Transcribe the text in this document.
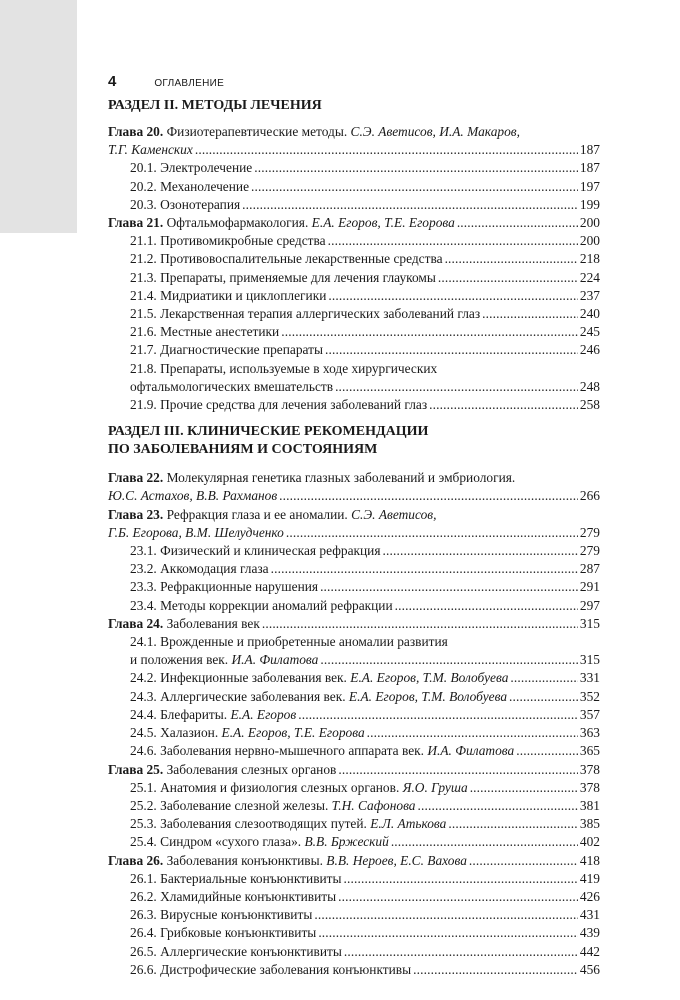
4	ОГЛАВЛЕНИЕ
РАЗДЕЛ II. МЕТОДЫ ЛЕЧЕНИЯ
Глава 20. Физиотерапевтические методы. С.Э. Аветисов, И.А. Макаров,
Т.Г. Каменских . . .	187
20.1. Электролечение . . .	187
20.2. Механолечение . . .	197
20.3. Озонотерапия . . .	199
Глава 21. Офтальмофармакология. Е.А. Егоров, Т.Е. Егорова . . .	200
21.1. Противомикробные средства . . .	200
21.2. Противовоспалительные лекарственные средства . . .	218
21.3. Препараты, применяемые для лечения глаукомы . . .	224
21.4. Мидриатики и циклоплегики . . .	237
21.5. Лекарственная терапия аллергических заболеваний глаз . . .	240
21.6. Местные анестетики . . .	245
21.7. Диагностические препараты . . .	246
21.8. Препараты, используемые в ходе хирургических
офтальмологических вмешательств . . .	248
21.9. Прочие средства для лечения заболеваний глаз . . .	258
РАЗДЕЛ III. КЛИНИЧЕСКИЕ РЕКОМЕНДАЦИИ
ПО ЗАБОЛЕВАНИЯМ И СОСТОЯНИЯМ
Глава 22. Молекулярная генетика глазных заболеваний и эмбриология.
Ю.С. Астахов, В.В. Рахманов . . .	266
Глава 23. Рефракция глаза и ее аномалии. С.Э. Аветисов,
Г.Б. Егорова, В.М. Шелудченко . . .	279
23.1. Физический и клиническая рефракция . . .	279
23.2. Аккомодация глаза . . .	287
23.3. Рефракционные нарушения . . .	291
23.4. Методы коррекции аномалий рефракции . . .	297
Глава 24. Заболевания век . . .	315
24.1. Врожденные и приобретенные аномалии развития
и положения век. И.А. Филатова . . .	315
24.2. Инфекционные заболевания век. Е.А. Егоров, Т.М. Волобуева . . .	331
24.3. Аллергические заболевания век. Е.А. Егоров, Т.М. Волобуева . . .	352
24.4. Блефариты. Е.А. Егоров . . .	357
24.5. Халазион. Е.А. Егоров, Т.Е. Егорова . . .	363
24.6. Заболевания нервно-мышечного аппарата век. И.А. Филатова . . .	365
Глава 25. Заболевания слезных органов . . .	378
25.1. Анатомия и физиология слезных органов. Я.О. Груша . . .	378
25.2. Заболевание слезной железы. Т.Н. Сафонова . . .	381
25.3. Заболевания слезоотводящих путей. Е.Л. Атькова . . .	385
25.4. Синдром «сухого глаза». В.В. Бржеский . . .	402
Глава 26. Заболевания конъюнктивы. В.В. Нероев, Е.С. Вахова . . .	418
26.1. Бактериальные конъюнктивиты . . .	419
26.2. Хламидийные конъюнктивиты . . .	426
26.3. Вирусные конъюнктивиты . . .	431
26.4. Грибковые конъюнктивиты . . .	439
26.5. Аллергические конъюнктивиты . . .	442
26.6. Дистрофические заболевания конъюнктивы . . .	456
